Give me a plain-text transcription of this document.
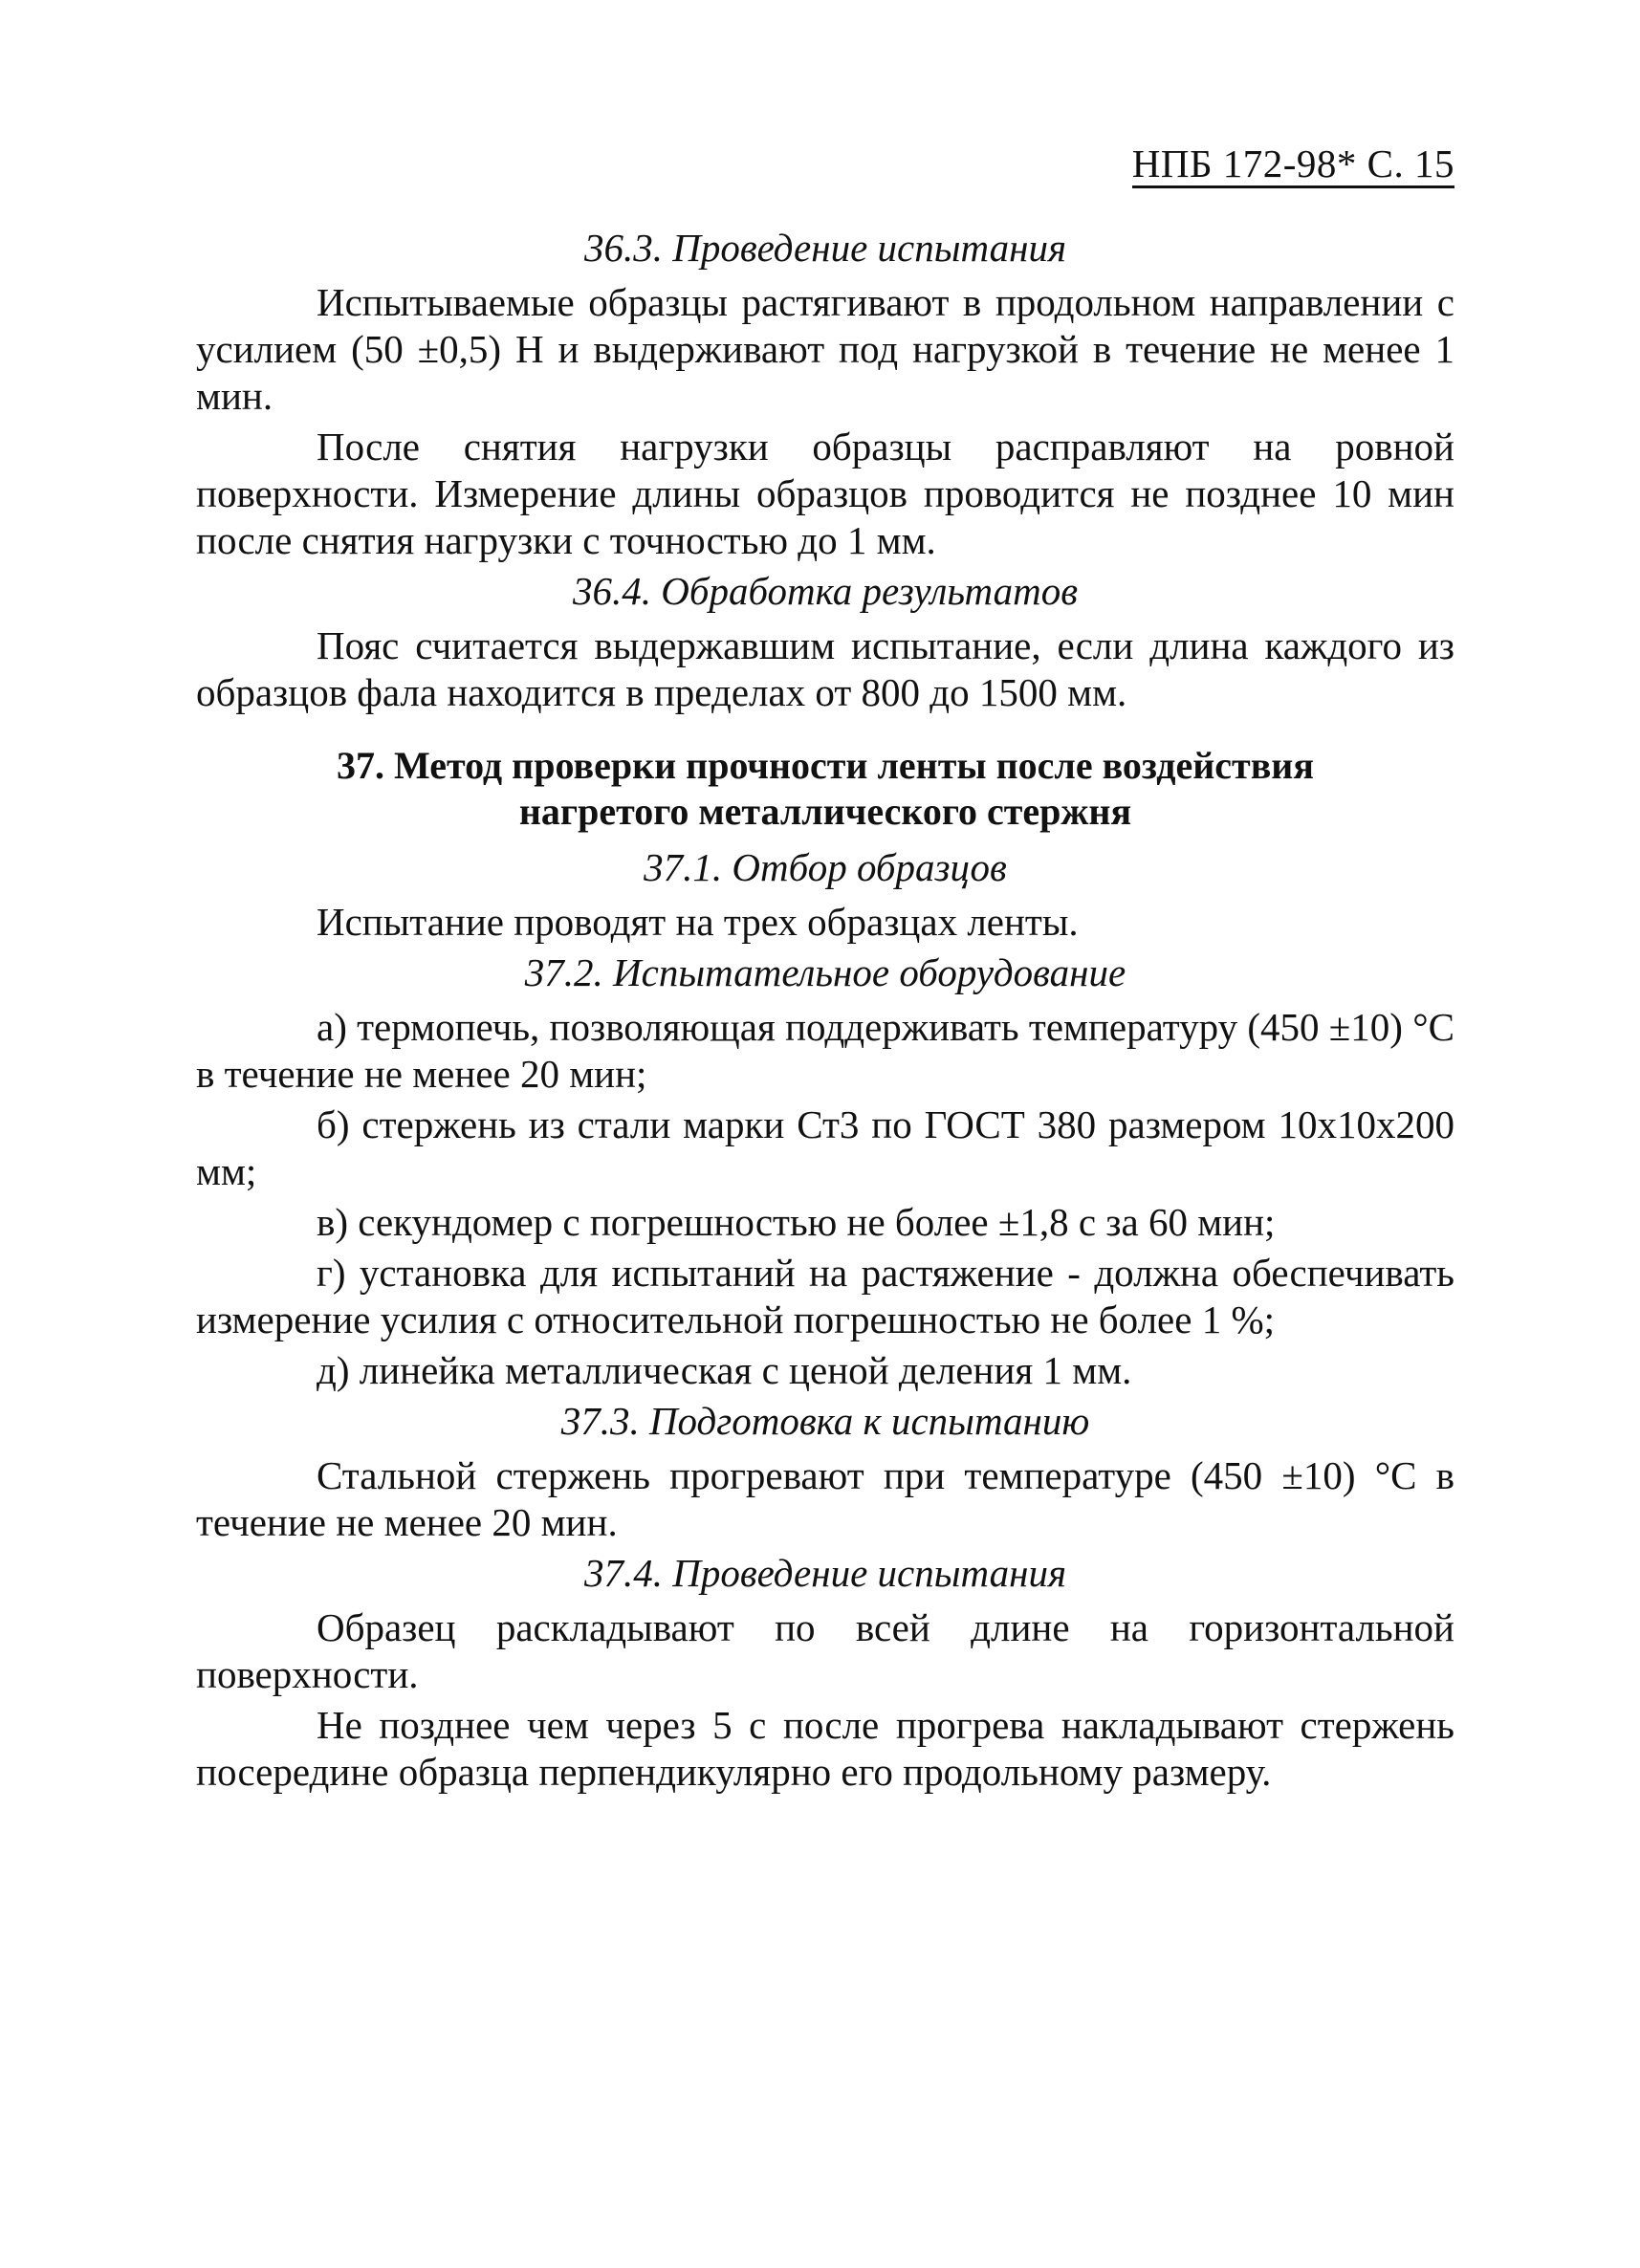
НПБ 172-98* С. 15
36.3. Проведение испытания
Испытываемые образцы растягивают в продольном направлении с усилием (50 ±0,5) Н и выдерживают под нагрузкой в течение не менее 1 мин.
После снятия нагрузки образцы расправляют на ровной поверхности. Измерение длины образцов проводится не позднее 10 мин после снятия нагрузки с точностью до 1 мм.
36.4. Обработка результатов
Пояс считается выдержавшим испытание, если длина каждого из образцов фала находится в пределах от 800 до 1500 мм.
37. Метод проверки прочности ленты после воздействия
нагретого металлического стержня
37.1. Отбор образцов
Испытание проводят на трех образцах ленты.
37.2. Испытательное оборудование
а) термопечь, позволяющая поддерживать температуру (450 ±10) °С в течение не менее 20 мин;
б) стержень из стали марки Ст3 по ГОСТ 380 размером 10x10x200 мм;
в) секундомер с погрешностью не более ±1,8 с за 60 мин;
г) установка для испытаний на растяжение - должна обеспечивать измерение усилия с относительной погрешностью не более 1 %;
д) линейка металлическая с ценой деления 1 мм.
37.3. Подготовка к испытанию
Стальной стержень прогревают при температуре (450 ±10) °С в течение не менее 20 мин.
37.4. Проведение испытания
Образец раскладывают по всей длине на горизонтальной поверхности.
Не позднее чем через 5 с после прогрева накладывают стержень посередине образца перпендикулярно его продольному размеру.
